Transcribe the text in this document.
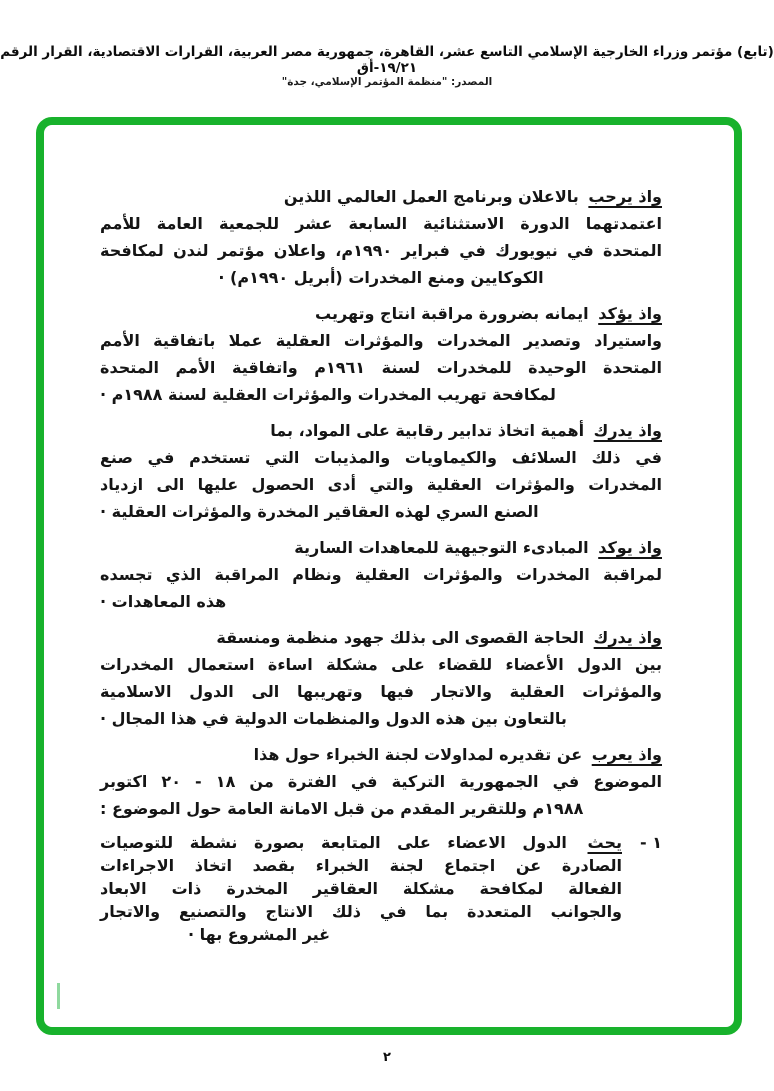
(تابع) مؤتمر وزراء الخارجية الإسلامي التاسع عشر، القاهرة، جمهورية مصر العربية، القرارات الاقتصادية، القرار الرقم ١٩/٢١-أق
المصدر: "منظمة المؤتمر الإسلامي، جدة"
واذ يرحب بالاعلان وبرنامج العمل العالمي اللذين
اعتمدتهما الدورة الاستثنائية السابعة عشر للجمعية العامة للأمم
المتحدة في نيويورك في فبراير ١٩٩٠م، واعلان مؤتمر لندن لمكافحة
الكوكايين ومنع المخدرات (أبريل ١٩٩٠م) ·
واذ يؤكد ايمانه بضرورة مراقبة انتاج وتهريب
واستيراد وتصدير المخدرات والمؤثرات العقلية عملا باتفاقية الأمم
المتحدة الوحيدة للمخدرات لسنة ١٩٦١م واتفاقية الأمم المتحدة
لمكافحة تهريب المخدرات والمؤثرات العقلية لسنة ١٩٨٨م ·
واذ يدرك أهمية اتخاذ تدابير رقابية على المواد، بما
في ذلك السلائف والكيماويات والمذيبات التي تستخدم في صنع
المخدرات والمؤثرات العقلية والتي أدى الحصول عليها الى ازدياد
الصنع السري لهذه العقاقير المخدرة والمؤثرات العقلية ·
واذ يوكد المبادىء التوجيهية للمعاهدات السارية
لمراقبة المخدرات والمؤثرات العقلية ونظام المراقبة الذي تجسده
هذه المعاهدات ·
واذ يدرك الحاجة القصوى الى بذلك جهود منظمة ومنسقة
بين الدول الأعضاء للقضاء على مشكلة اساءة استعمال المخدرات
والمؤثرات العقلية والاتجار فيها وتهريبها الى الدول الاسلامية
بالتعاون بين هذه الدول والمنظمات الدولية في هذا المجال ·
واذ يعرب عن تقديره لمداولات لجنة الخبراء حول هذا
الموضوع في الجمهورية التركية في الفترة من ١٨ - ٢٠ اكتوبر
١٩٨٨م وللتقرير المقدم من قبل الامانة العامة حول الموضوع :
١ -
يحث الدول الاعضاء على المتابعة بصورة نشطة للتوصيات
الصادرة عن اجتماع لجنة الخبراء بقصد اتخاذ الاجراءات
الفعالة لمكافحة مشكلة العقاقير المخدرة ذات الابعاد
والجوانب المتعددة بما في ذلك الانتاج والتصنيع والاتجار
غير المشروع بها ·
٢
